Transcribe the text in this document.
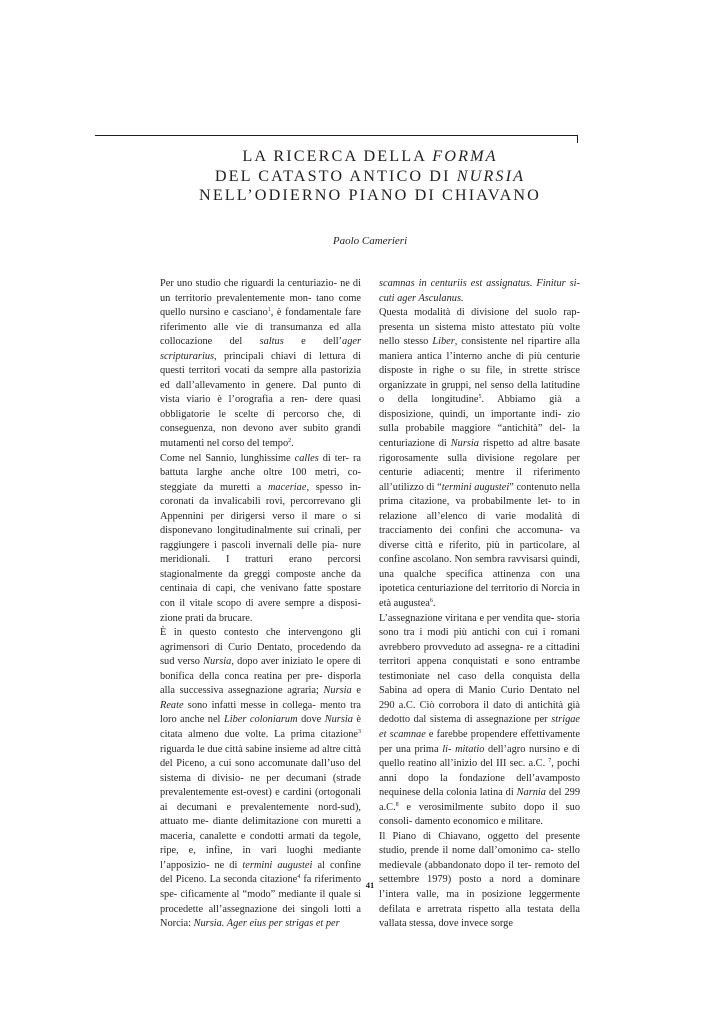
LA RICERCA DELLA FORMA
DEL CATASTO ANTICO DI NURSIA
NELL’ODIERNO PIANO DI CHIAVANO
Paolo Camerieri

Per uno studio che riguardi la centuriazio- ne di un territorio prevalentemente mon- tano come quello nursino e casciano$^1$, è fondamentale fare riferimento alle vie di transumanza ed alla collocazione del saltus e dell’ager scripturarius, principali chiavi di lettura di questi territori vocati da sempre alla pastorizia ed dall’allevamento in genere. Dal punto di vista viario è l’orografia a ren- dere quasi obbligatorie le scelte di percorso che, di conseguenza, non devono aver subito grandi mutamenti nel corso del tempo$^2$.

Come nel Sannio, lunghissime calles di ter- ra battuta larghe anche oltre 100 metri, co- steggiate da muretti a maceriae, spesso in- coronati da invalicabili rovi, percorrevano gli Appennini per dirigersi verso il mare o si disponevano longitudinalmente sui crinali, per raggiungere i pascoli invernali delle pia- nure meridionali. I tratturi erano percorsi stagionalmente da greggi composte anche da centinaia di capi, che venivano fatte spostare con il vitale scopo di avere sempre a disposi- zione prati da brucare.

È in questo contesto che intervengono gli agrimensori di Curio Dentato, procedendo da sud verso Nursia, dopo aver iniziato le opere di bonifica della conca reatina per pre- disporla alla successiva assegnazione agraria; Nursia e Reate sono infatti messe in collega- mento tra loro anche nel Liber coloniarum dove Nursia è citata almeno due volte. La prima citazione$^3$ riguarda le due città sabine insieme ad altre città del Piceno, a cui sono accomunate dall’uso del sistema di divisio- ne per decumani (strade prevalentemente est-ovest) e cardini (ortogonali ai decumani e prevalentemente nord-sud), attuato me- diante delimitazione con muretti a maceria, canalette e condotti armati da tegole, ripe, e, infine, in vari luoghi mediante l’apposizio- ne di termini augustei al confine del Piceno. La seconda citazione$^4$ fa riferimento spe- cificamente al “modo” mediante il quale si procedette all’assegnazione dei singoli lotti a Norcia: Nursia. Ager eius per strigas et per

scamnas in centuriis est assignatus. Finitur si- cuti ager Asculanus.

Questa modalità di divisione del suolo rap- presenta un sistema misto attestato più volte nello stesso Liber, consistente nel ripartire alla maniera antica l’interno anche di più centurie disposte in righe o su file, in strette strisce organizzate in gruppi, nel senso della latitudine o della longitudine$^5$. Abbiamo già a disposizione, quindi, un importante indi- zio sulla probabile maggiore “antichità” del- la centuriazione di Nursia rispetto ad altre basate rigorosamente sulla divisione regolare per centurie adiacenti; mentre il riferimento all’utilizzo di “termini augustei” contenuto nella prima citazione, va probabilmente let- to in relazione all’elenco di varie modalità di tracciamento dei confini che accomuna- va diverse città e riferito, più in particolare, al confine ascolano. Non sembra ravvisarsi quindi, una qualche specifica attinenza con una ipotetica centuriazione del territorio di Norcia in età augustea$^6$.

L’assegnazione viritana e per vendita que- storia sono tra i modi più antichi con cui i romani avrebbero provveduto ad assegna- re a cittadini territori appena conquistati e sono entrambe testimoniate nel caso della conquista della Sabina ad opera di Manio Curio Dentato nel 290 a.C. Ciò corrobora il dato di antichità già dedotto dal sistema di assegnazione per strigae et scamnae e farebbe propendere effettivamente per una prima li- mitatio dell’agro nursino e di quello reatino all’inizio del III sec. a.C. $^7$, pochi anni dopo la fondazione dell’avamposto nequinese della colonia latina di Narnia del 299 a.C.$^8$ e verosimilmente subito dopo il suo consoli- damento economico e militare.

Il Piano di Chiavano, oggetto del presente studio, prende il nome dall’omonimo ca- stello medievale (abbandonato dopo il ter- remoto del settembre 1979) posto a nord a dominare l’intera valle, ma in posizione leggermente defilata e arretrata rispetto alla testata della vallata stessa, dove invece sorge

41
